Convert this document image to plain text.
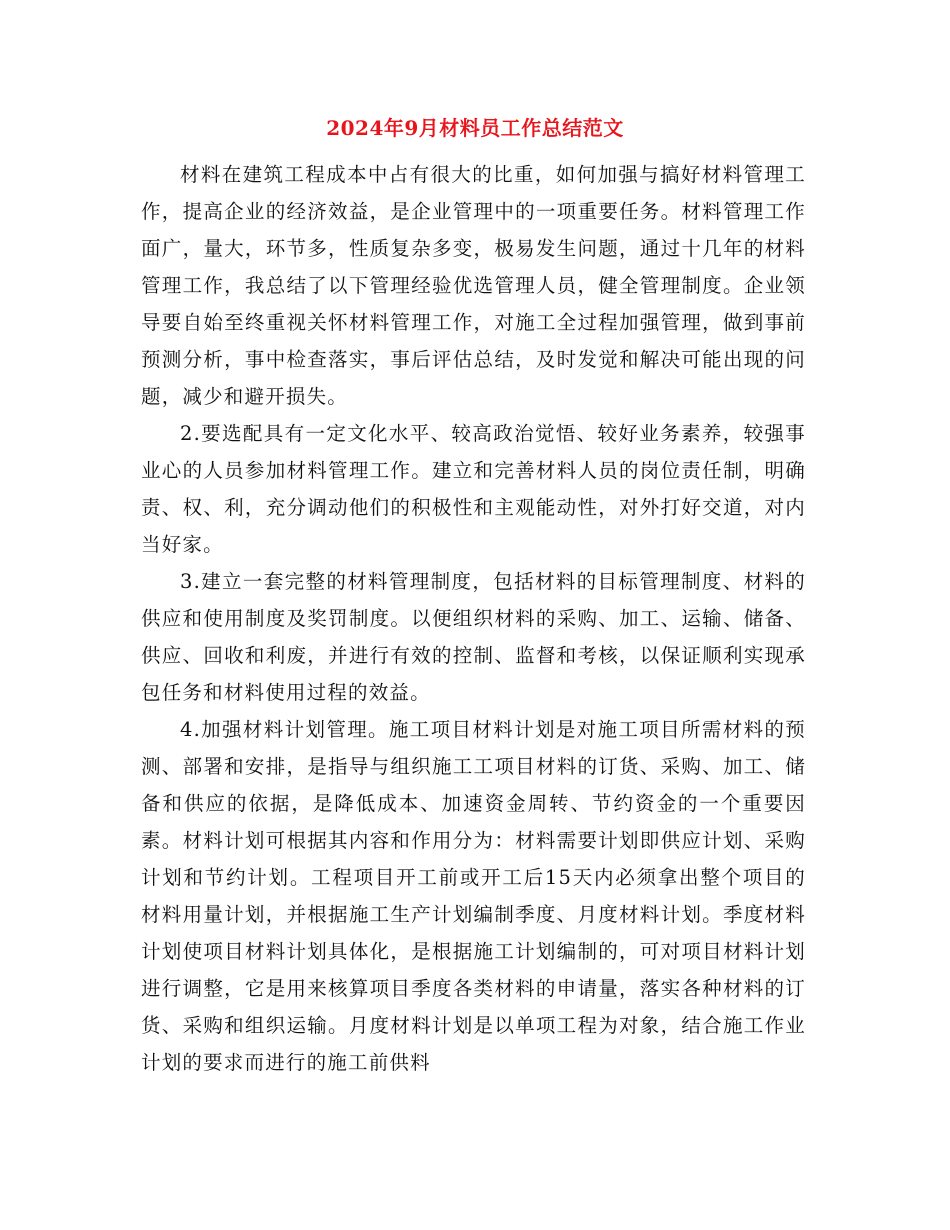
2024年9月材料员工作总结范文

材料在建筑工程成本中占有很大的比重，如何加强与搞好材料管理工作，提高企业的经济效益，是企业管理中的一项重要任务。材料管理工作面广，量大，环节多，性质复杂多变，极易发生问题，通过十几年的材料管理工作，我总结了以下管理经验优选管理人员，健全管理制度。企业领导要自始至终重视关怀材料管理工作，对施工全过程加强管理，做到事前预测分析，事中检查落实，事后评估总结，及时发觉和解决可能出现的问题，减少和避开损失。

2.要选配具有一定文化水平、较高政治觉悟、较好业务素养，较强事业心的人员参加材料管理工作。建立和完善材料人员的岗位责任制，明确责、权、利，充分调动他们的积极性和主观能动性，对外打好交道，对内当好家。

3.建立一套完整的材料管理制度，包括材料的目标管理制度、材料的供应和使用制度及奖罚制度。以便组织材料的采购、加工、运输、储备、供应、回收和利废，并进行有效的控制、监督和考核，以保证顺利实现承包任务和材料使用过程的效益。

4.加强材料计划管理。施工项目材料计划是对施工项目所需材料的预测、部署和安排，是指导与组织施工工项目材料的订货、采购、加工、储备和供应的依据，是降低成本、加速资金周转、节约资金的一个重要因素。材料计划可根据其内容和作用分为：材料需要计划即供应计划、采购计划和节约计划。工程项目开工前或开工后15天内必须拿出整个项目的材料用量计划，并根据施工生产计划编制季度、月度材料计划。季度材料计划使项目材料计划具体化，是根据施工计划编制的，可对项目材料计划进行调整，它是用来核算项目季度各类材料的申请量，落实各种材料的订货、采购和组织运输。月度材料计划是以单项工程为对象，结合施工作业计划的要求而进行的施工前供料
